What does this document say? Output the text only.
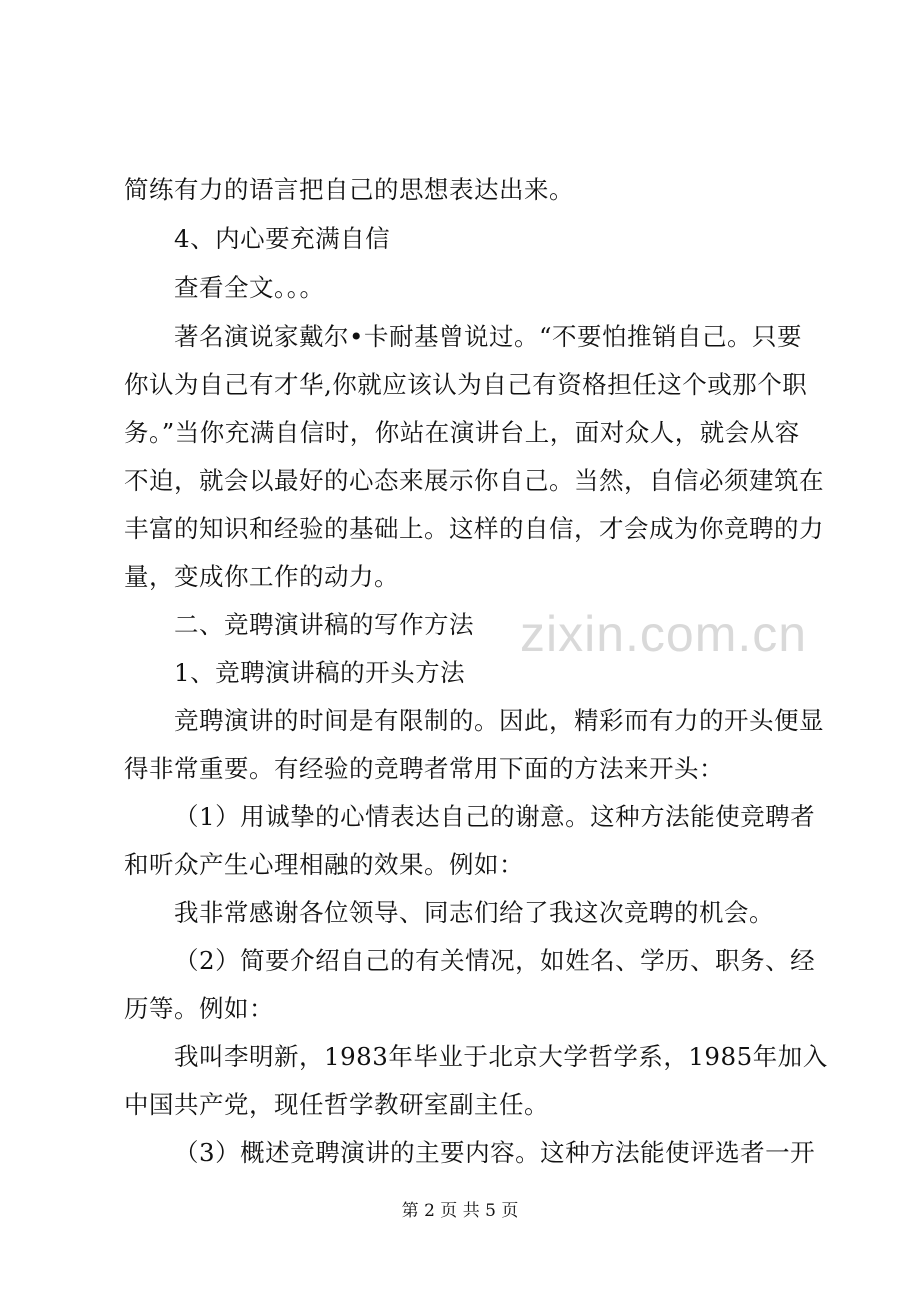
zixin.com.cn
简练有力的语言把自己的思想表达出来。
4、内心要充满自信
查看全文。。。
著名演说家戴尔•卡耐基曾说过。“不要怕推销自己。只要
你认为自己有才华,你就应该认为自己有资格担任这个或那个职
务。”当你充满自信时，你站在演讲台上，面对众人，就会从容
不迫，就会以最好的心态来展示你自己。当然，自信必须建筑在
丰富的知识和经验的基础上。这样的自信，才会成为你竞聘的力
量，变成你工作的动力。
二、竞聘演讲稿的写作方法
1、竞聘演讲稿的开头方法
竞聘演讲的时间是有限制的。因此，精彩而有力的开头便显
得非常重要。有经验的竞聘者常用下面的方法来开头：
（1）用诚挚的心情表达自己的谢意。这种方法能使竞聘者
和听众产生心理相融的效果。例如：
我非常感谢各位领导、同志们给了我这次竞聘的机会。
（2）简要介绍自己的有关情况，如姓名、学历、职务、经
历等。例如：
我叫李明新，1983年毕业于北京大学哲学系，1985年加入
中国共产党，现任哲学教研室副主任。
（3）概述竞聘演讲的主要内容。这种方法能使评选者一开
第 2 页 共 5 页
